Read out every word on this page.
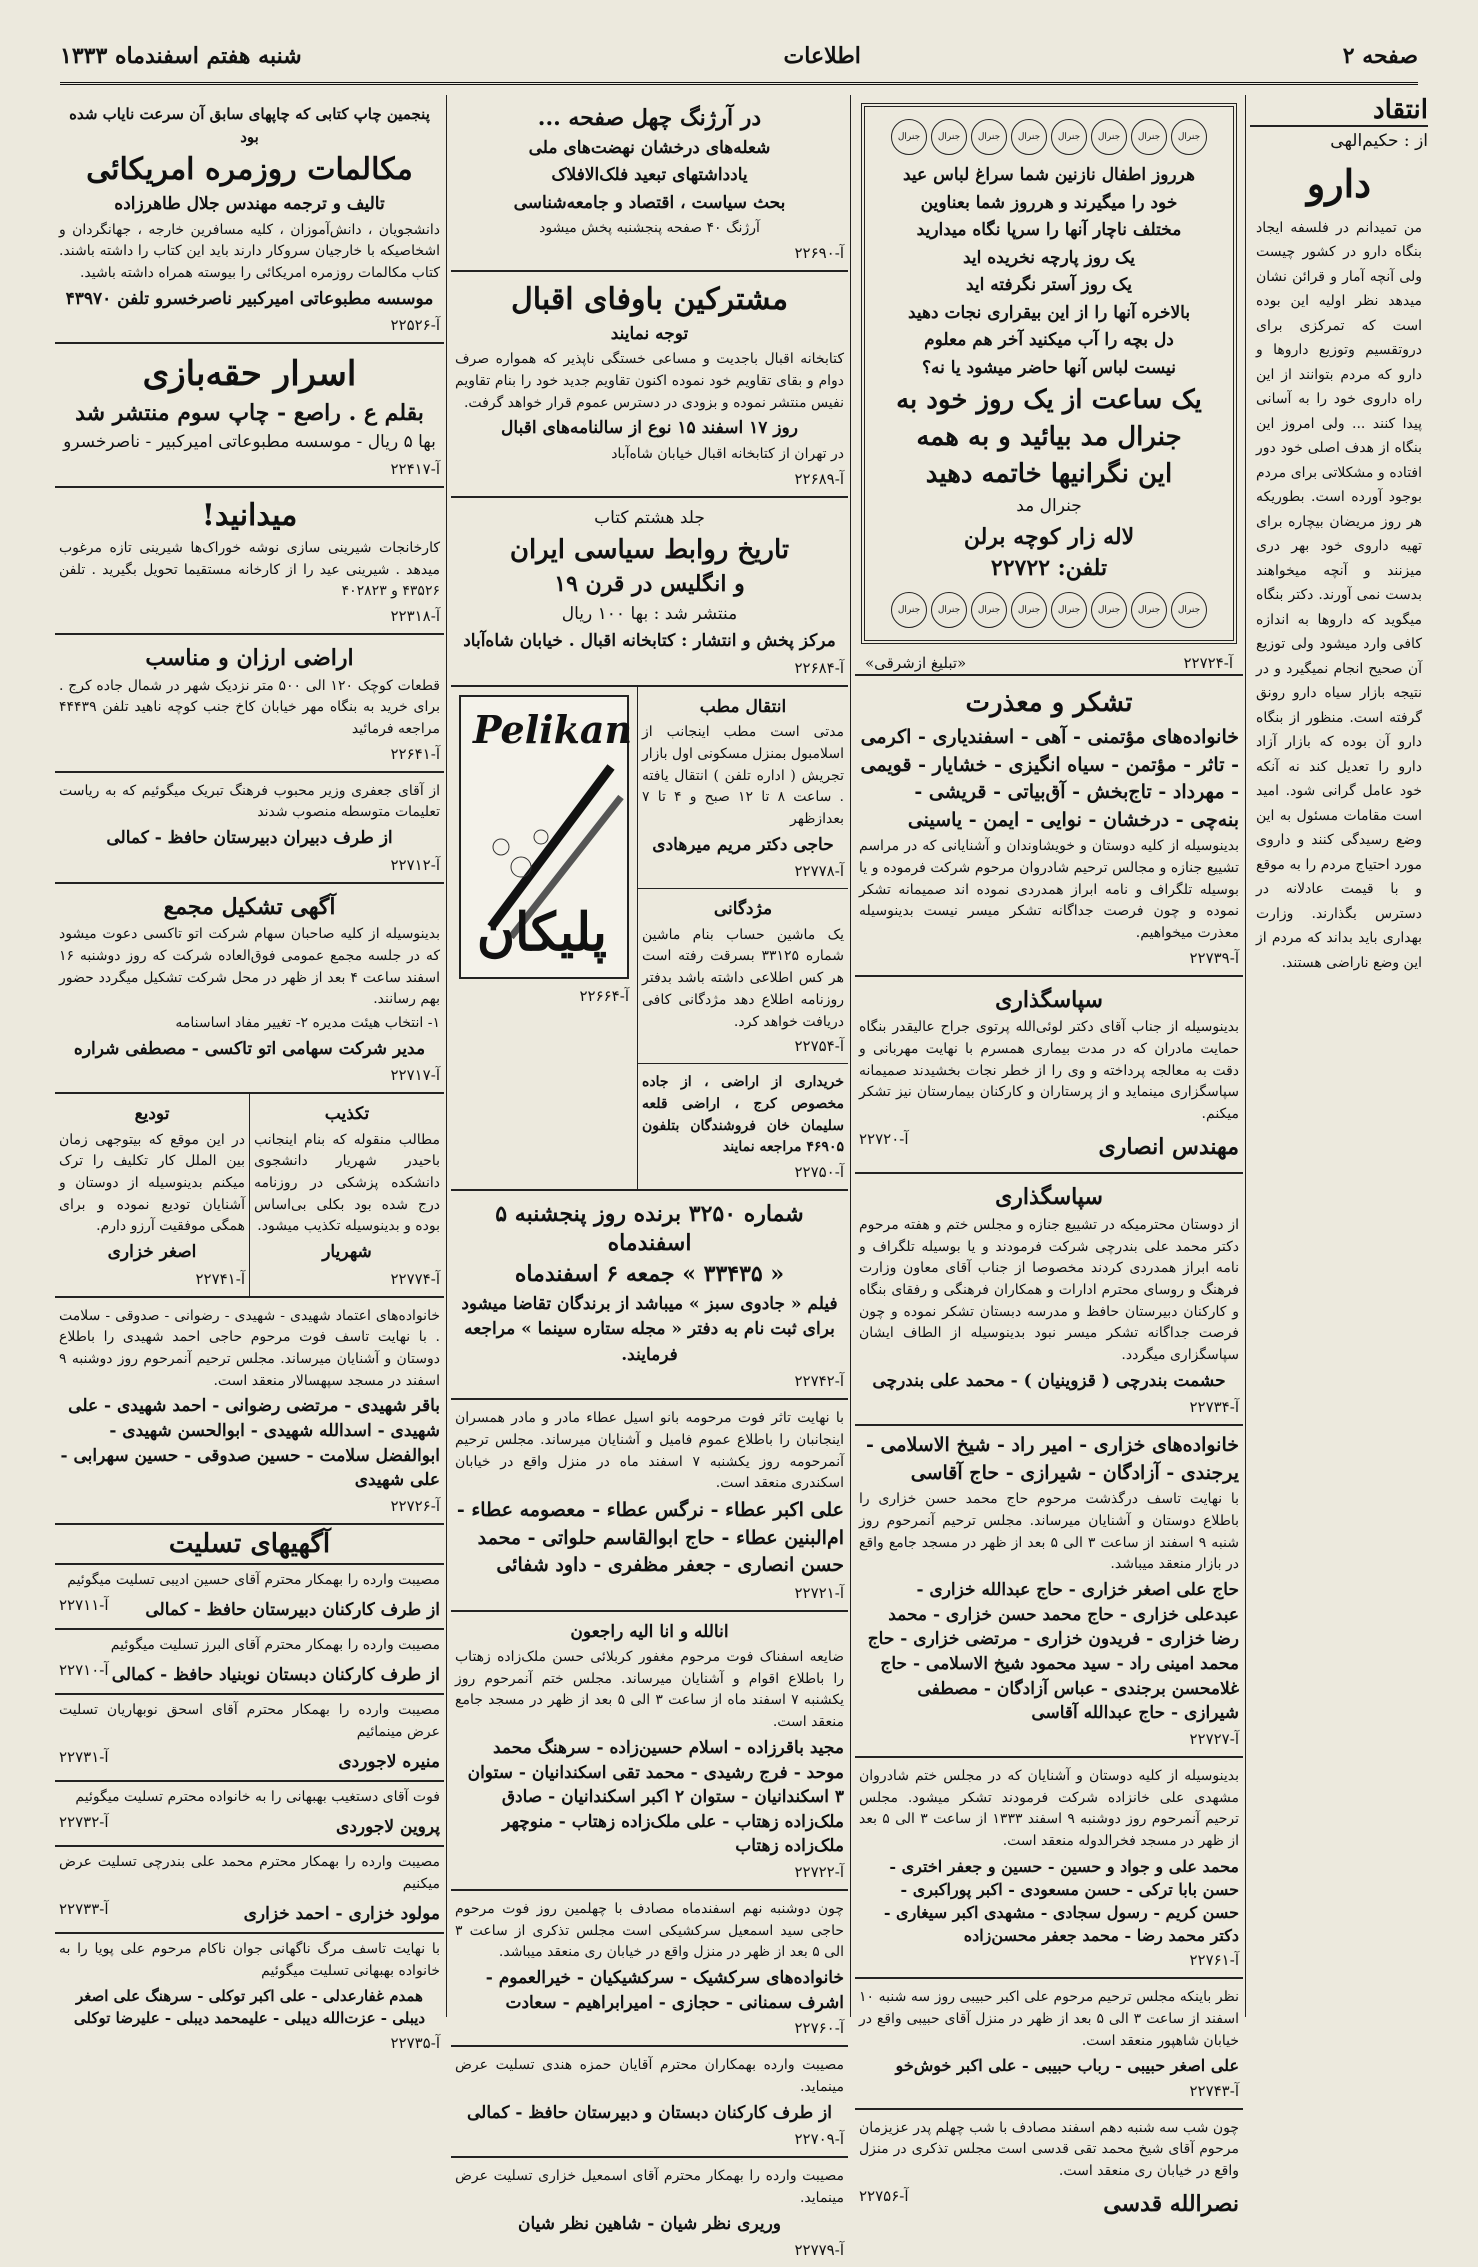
صفحه ۲
اطلاعات
شنبه هفتم اسفندماه ۱۳۳۳
انتقاد
از : حکیم‌الهی
دارو
من تمیدانم در فلسفه ایجاد بنگاه دارو در کشور چیست ولی آنچه آمار و قرائن نشان میدهد نظر اولیه این بوده است که تمرکزی برای دروتقسیم وتوزیع داروها و دارو که مردم بتوانند از این راه داروی خود را به آسانی پیدا کنند ... ولی امروز این بنگاه از هدف اصلی خود دور افتاده و مشکلاتی برای مردم بوجود آورده است. بطوریکه هر روز مریضان بیچاره برای تهیه داروی خود بهر دری میزنند و آنچه میخواهند بدست نمی آورند. دکتر بنگاه میگوید که داروها به اندازه کافی وارد میشود ولی توزیع آن صحیح انجام نمیگیرد و در نتیجه بازار سیاه دارو رونق گرفته است. منظور از بنگاه دارو آن بوده که بازار آزاد دارو را تعدیل کند نه آنکه خود عامل گرانی شود. امید است مقامات مسئول به این وضع رسیدگی کنند و داروی مورد احتیاج مردم را به موقع و با قیمت عادلانه در دسترس بگذارند. وزارت بهداری باید بداند که مردم از این وضع ناراضی هستند.
جنرال
جنرال
جنرال
جنرال
جنرال
جنرال
جنرال
جنرال
هرروز اطفال نازنین شما سراغ لباس عید
خود را میگیرند و هرروز شما بعناوین
مختلف ناچار آنها را سرپا نگاه میدارید
یک روز پارچه نخریده اید
یک روز آستر نگرفته اید
بالاخره آنها را از این بیقراری نجات دهید
دل بچه را آب میکنید آخر هم معلوم
نیست لباس آنها حاضر میشود یا نه؟
یک ساعت از یک روز خود به
جنرال مد بیائید و به همه
این نگرانیها خاتمه دهید
جنرال مد
لاله زار کوچه برلن
تلفن: ۲۲۷۲۲
جنرال
جنرال
جنرال
جنرال
جنرال
جنرال
جنرال
جنرال
آ-۲۲۷۲۴
«تبلیغ ازشرقی»
تشکر و معذرت
خانواده‌های مؤتمنی - آهی - اسفندیاری - اکرمی - تاثر - مؤتمن - سیاه انگیزی - خشایار - قویمی - مهرداد - تاج‌بخش - آق‌بیاتی - قریشی - بنه‌چی - درخشان - نوایی - ایمن - یاسینی
بدینوسیله از کلیه دوستان و خویشاوندان و آشنایانی که در مراسم تشییع جنازه و مجالس ترحیم شادروان مرحوم شرکت فرموده و یا بوسیله تلگراف و نامه ابراز همدردی نموده اند صمیمانه تشکر نموده و چون فرصت جداگانه تشکر میسر نیست بدینوسیله معذرت میخواهیم.
آ-۲۲۷۳۹
سپاسگذاری
بدینوسیله از جناب آقای دکتر لوئی‌الله پرتوی جراح عالیقدر بنگاه حمایت مادران که در مدت بیماری همسرم با نهایت مهربانی و دقت به معالجه پرداخته و وی را از خطر نجات بخشیدند صمیمانه سپاسگزاری مینماید و از پرستاران و کارکنان بیمارستان نیز تشکر میکنم.
مهندس انصاری
آ-۲۲۷۲۰
سپاسگذاری
از دوستان محترمیکه در تشییع جنازه و مجلس ختم و هفته مرحوم دکتر محمد علی بندرچی شرکت فرمودند و یا بوسیله تلگراف و نامه ابراز همدردی کردند مخصوصا از جناب آقای معاون وزارت فرهنگ و روسای محترم ادارات و همکاران فرهنگی و رفقای بنگاه و کارکنان دبیرستان حافظ و مدرسه دبستان تشکر نموده و چون فرصت جداگانه تشکر میسر نبود بدینوسیله از الطاف ایشان سپاسگزاری میگردد.
حشمت بندرچی ( قزوینیان ) - محمد علی بندرچی
آ-۲۲۷۳۴
خانواده‌های خزاری - امیر راد - شیخ الاسلامی - یرجندی - آزادگان - شیرازی - حاج آقاسی
با نهایت تاسف درگذشت مرحوم حاج محمد حسن خزاری را باطلاع دوستان و آشنایان میرساند. مجلس ترحیم آنمرحوم روز شنبه ۹ اسفند از ساعت ۳ الی ۵ بعد از ظهر در مسجد جامع واقع در بازار منعقد میباشد.
حاج علی اصغر خزاری - حاج عبدالله خزاری - عبدعلی خزاری - حاج محمد حسن خزاری - محمد رضا خزاری - فریدون خزاری - مرتضی خزاری - حاج محمد امینی راد - سید محمود شیخ الاسلامی - حاج غلامحسن برجندی - عباس آزادگان - مصطفی شیرازی - حاج عبدالله آقاسی
آ-۲۲۷۲۷
بدینوسیله از کلیه دوستان و آشنایان که در مجلس ختم شادروان مشهدی علی خانزاده شرکت فرمودند تشکر میشود. مجلس ترحیم آنمرحوم روز دوشنبه ۹ اسفند ۱۳۳۳ از ساعت ۳ الی ۵ بعد از ظهر در مسجد فخرالدوله منعقد است.
محمد علی و جواد و حسین - حسین و جعفر اختری - حسن بابا ترکی - حسن مسعودی - اکبر پوراکبری - حسن کریم - رسول سجادی - مشهدی اکبر سیغاری - دکتر محمد رضا - محمد جعفر محسن‌زاده
آ-۲۲۷۶۱
نظر باینکه مجلس ترحیم مرحوم علی اکبر حبیبی روز سه شنبه ۱۰ اسفند از ساعت ۳ الی ۵ بعد از ظهر در منزل آقای حبیبی واقع در خیابان شاهپور منعقد است.
علی اصغر حبیبی - رباب حبیبی - علی اکبر خوش‌خو
آ-۲۲۷۴۳
چون شب سه شنبه دهم اسفند مصادف با شب چهلم پدر عزیزمان مرحوم آقای شیخ محمد تقی قدسی است مجلس تذکری در منزل واقع در خیابان ری منعقد است.
نصرالله قدسی
آ-۲۲۷۵۶
در آرژنگ چهل صفحه ...
شعله‌های درخشان نهضت‌های ملی
یادداشتهای تبعید فلک‌الافلاک
بحث سیاست ، اقتصاد و جامعه‌شناسی
آرژنگ ۴۰ صفحه پنجشنبه پخش میشود
آ-۲۲۶۹۰
مشترکین باوفای اقبال
توجه نمایند
کتابخانه اقبال باجدیت و مساعی خستگی ناپذیر که همواره صرف دوام و بقای تقاویم خود نموده اکنون تقاویم جدید خود را بنام تقاویم نفیس منتشر نموده و بزودی در دسترس عموم قرار خواهد گرفت.
روز ۱۷ اسفند ۱۵ نوع از سالنامه‌های اقبال
در تهران از کتابخانه اقبال خیابان شاه‌آباد
آ-۲۲۶۸۹
جلد هشتم کتاب
تاریخ روابط سیاسی ایران
و انگلیس در قرن ۱۹
منتشر شد : بها ۱۰۰ ریال
مرکز پخش و انتشار : کتابخانه اقبال . خیابان شاه‌آباد
آ-۲۲۶۸۴
انتقال مطب
مدتی است مطب اینجانب از اسلامبول بمنزل مسکونی اول بازار تجریش ( اداره تلفن ) انتقال یافته . ساعت ۸ تا ۱۲ صبح و ۴ تا ۷ بعدازظهر
حاجی دکتر مریم میرهادی
آ-۲۲۷۷۸
مژدگانی
یک ماشین حساب بنام ماشین شماره ۳۳۱۲۵ بسرقت رفته است هر کس اطلاعی داشته باشد بدفتر روزنامه اطلاع دهد مژدگانی کافی دریافت خواهد کرد.
آ-۲۲۷۵۴
خریداری از اراضی ، از جاده مخصوص کرج ، اراضی قلعه سلیمان خان فروشندگان بتلفون ۴۶۹۰۵ مراجعه نمایند
آ-۲۲۷۵۰
Pelikan
پلیکان
آ-۲۲۶۶۴
شماره ۳۲۵۰ برنده روز پنجشنبه ۵ اسفندماه
« ۳۳۴۳۵ » جمعه ۶ اسفندماه
فیلم « جادوی سبز » میباشد از برندگان تقاضا میشود برای ثبت نام به دفتر « مجله ستاره سینما » مراجعه فرمایند.
آ-۲۲۷۴۲
با نهایت تاثر فوت مرحومه بانو اسیل عطاء مادر و مادر همسران اینجانبان را باطلاع عموم فامیل و آشنایان میرساند. مجلس ترحیم آنمرحومه روز یکشنبه ۷ اسفند ماه در منزل واقع در خیابان اسکندری منعقد است.
علی اکبر عطاء - نرگس عطاء - معصومه عطاء - ام‌البنین عطاء - حاج ابوالقاسم حلواتی - محمد حسن انصاری - جعفر مظفری - داود شفائی
آ-۲۲۷۲۱
انالله و انا الیه راجعون
ضایعه اسفناک فوت مرحوم مغفور کربلائی حسن ملک‌زاده زهتاب را باطلاع اقوام و آشنایان میرساند. مجلس ختم آنمرحوم روز یکشنبه ۷ اسفند ماه از ساعت ۳ الی ۵ بعد از ظهر در مسجد جامع منعقد است.
مجید باقرزاده - اسلام حسین‌زاده - سرهنگ محمد موحد - فرج رشیدی - محمد تقی اسکندانیان - ستوان ۳ اسکندانیان - ستوان ۲ اکبر اسکندانیان - صادق ملک‌زاده زهتاب - علی ملک‌زاده زهتاب - منوچهر ملک‌زاده زهتاب
آ-۲۲۷۲۲
چون دوشنبه نهم اسفندماه مصادف با چهلمین روز فوت مرحوم حاجی سید اسمعیل سرکشیکی است مجلس تذکری از ساعت ۳ الی ۵ بعد از ظهر در منزل واقع در خیابان ری منعقد میباشد.
خانواده‌های سرکشیک - سرکشیکیان - خیرالعموم - اشرف سمنانی - حجازی - امیرابراهیم - سعادت
آ-۲۲۷۶۰
مصیبت وارده بهمکاران محترم آقایان حمزه هندی تسلیت عرض مینماید.
از طرف کارکنان دبستان و دبیرستان حافظ - کمالی
آ-۲۲۷۰۹
مصیبت وارده را بهمکار محترم آقای اسمعیل خزاری تسلیت عرض مینماید.
وریری نظر شیان - شاهین نظر شیان
آ-۲۲۷۷۹
پنجمین چاپ کتابی که چاپهای سابق آن سرعت نایاب شده بود
مکالمات روزمره امریکائی
تالیف و ترجمه مهندس جلال طاهرزاده
دانشجویان ، دانش‌آموزان ، کلیه مسافرین خارجه ، جهانگردان و اشخاصیکه با خارجیان سروکار دارند باید این کتاب را داشته باشند. کتاب مکالمات روزمره امریکائی را بیوسته همراه داشته باشید.
موسسه مطبوعاتی امیرکبیر ناصرخسرو تلفن ۴۳۹۷۰
آ-۲۲۵۲۶
اسرار حقه‌بازی
بقلم ع . راصع - چاپ سوم منتشر شد
بها ۵ ریال - موسسه مطبوعاتی امیرکبیر - ناصرخسرو
آ-۲۲۴۱۷
میدانید!
کارخانجات شیرینی سازی نوشه خوراک‌ها شیرینی تازه مرغوب میدهد . شیرینی عید را از کارخانه مستقیما تحویل بگیرید . تلفن ۴۳۵۲۶ و ۴۰۲۸۲۳
آ-۲۲۳۱۸
اراضی ارزان و مناسب
قطعات کوچک ۱۲۰ الی ۵۰۰ متر نزدیک شهر در شمال جاده کرج . برای خرید به بنگاه مهر خیابان کاخ جنب کوچه ناهید تلفن ۴۴۴۳۹ مراجعه فرمائید
آ-۲۲۶۴۱
از آقای جعفری وزیر محبوب فرهنگ تبریک میگوئیم که به ریاست تعلیمات متوسطه منصوب شدند
از طرف دبیران دبیرستان حافظ - کمالی
آ-۲۲۷۱۲
آگهی تشکیل مجمع
بدینوسیله از کلیه صاحبان سهام شرکت اتو تاکسی دعوت میشود که در جلسه مجمع عمومی فوق‌العاده شرکت که روز دوشنبه ۱۶ اسفند ساعت ۴ بعد از ظهر در محل شرکت تشکیل میگردد حضور بهم رسانند.
۱- انتخاب هیئت مدیره ۲- تغییر مفاد اساسنامه
مدیر شرکت سهامی اتو تاکسی - مصطفی شراره
آ-۲۲۷۱۷
تکذیب
مطالب منقوله که بنام اینجانب باحیدر شهریار دانشجوی دانشکده پزشکی در روزنامه درج شده بود بکلی بی‌اساس بوده و بدینوسیله تکذیب میشود.
شهریار
آ-۲۲۷۷۴
تودیع
در این موقع که بیتوجهی زمان بین الملل کار تکلیف را ترک میکنم بدینوسیله از دوستان و آشنایان تودیع نموده و برای همگی موفقیت آرزو دارم.
اصغر خزاری
آ-۲۲۷۴۱
خانواده‌های اعتماد شهیدی - شهیدی - رضوانی - صدوقی - سلامت . با نهایت تاسف فوت مرحوم حاجی احمد شهیدی را باطلاع دوستان و آشنایان میرساند. مجلس ترحیم آنمرحوم روز دوشنبه ۹ اسفند در مسجد سپهسالار منعقد است.
باقر شهیدی - مرتضی رضوانی - احمد شهیدی - علی شهیدی - اسدالله شهیدی - ابوالحسن شهیدی - ابوالفضل سلامت - حسین صدوقی - حسین سهرابی - علی شهیدی
آ-۲۲۷۲۶
آگهیهای تسلیت
مصیبت وارده را بهمکار محترم آقای حسین ادیبی تسلیت میگوئیم
از طرف کارکنان دبیرستان حافظ - کمالی
آ-۲۲۷۱۱
مصیبت وارده را بهمکار محترم آقای البرز تسلیت میگوئیم
از طرف کارکنان دبستان نوبنیاد حافظ - کمالی
آ-۲۲۷۱۰
مصیبت وارده را بهمکار محترم آقای اسحق نوبهاریان تسلیت عرض مینمائیم
منیره لاجوردی
آ-۲۲۷۳۱
فوت آقای دستغیب بهبهانی را به خانواده محترم تسلیت میگوئیم
پروین لاجوردی
آ-۲۲۷۳۲
مصیبت وارده را بهمکار محترم محمد علی بندرچی تسلیت عرض میکنیم
مولود خزاری - احمد خزاری
آ-۲۲۷۳۳
با نهایت تاسف مرگ ناگهانی جوان ناکام مرحوم علی پویا را به خانواده بهبهانی تسلیت میگوئیم
همدم غفارعدلی - علی اکبر توکلی - سرهنگ علی اصغر دیبلی - عزت‌الله دیبلی - علیمحمد دیبلی - علیرضا توکلی
آ-۲۲۷۳۵
